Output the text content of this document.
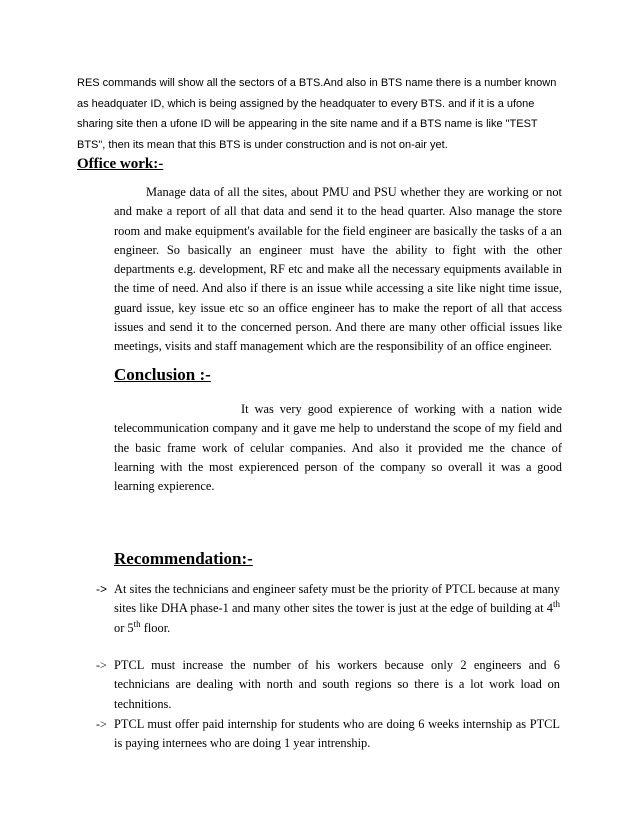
RES commands will show all the sectors of a BTS.And also in BTS name there is a number known as headquater ID, which is being assigned by the headquater to every BTS. and if it is a ufone sharing site then a ufone ID will be appearing in the site name and if a BTS name is like "TEST BTS", then its mean that this BTS is under construction and is not on-air yet.

Office work:-

Manage data of all the sites, about PMU and PSU whether they are working or not and make a report of all that data and send it to the head quarter. Also manage the store room and make equipment's available for the field engineer are basically the tasks of a an engineer. So basically an engineer must have the ability to fight with the other departments e.g. development, RF etc and make all the necessary equipments available in the time of need. And also if there is an issue while accessing a site like night time issue, guard issue, key issue etc so an office engineer has to make the report of all that access issues and send it to the concerned person. And there are many other official issues like meetings, visits and staff management which are the responsibility of an office engineer.

Conclusion :-

It was very good expierence of working with a nation wide telecommunication company and it gave me help to understand the scope of my field and the basic frame work of celular companies. And also it provided me the chance of learning with the most expierenced person of the company so overall it was a good learning expierence.

Recommendation:-
-> At sites the technicians and engineer safety must be the priority of PTCL because at many sites like DHA phase-1 and many other sites the tower is just at the edge of building at 4th or 5th floor.

-> PTCL must increase the number of his workers because only 2 engineers and 6 technicians are dealing with north and south regions so there is a lot work load on technitions.

-> PTCL must offer paid internship for students who are doing 6 weeks internship as PTCL is paying internees who are doing 1 year intrenship.
